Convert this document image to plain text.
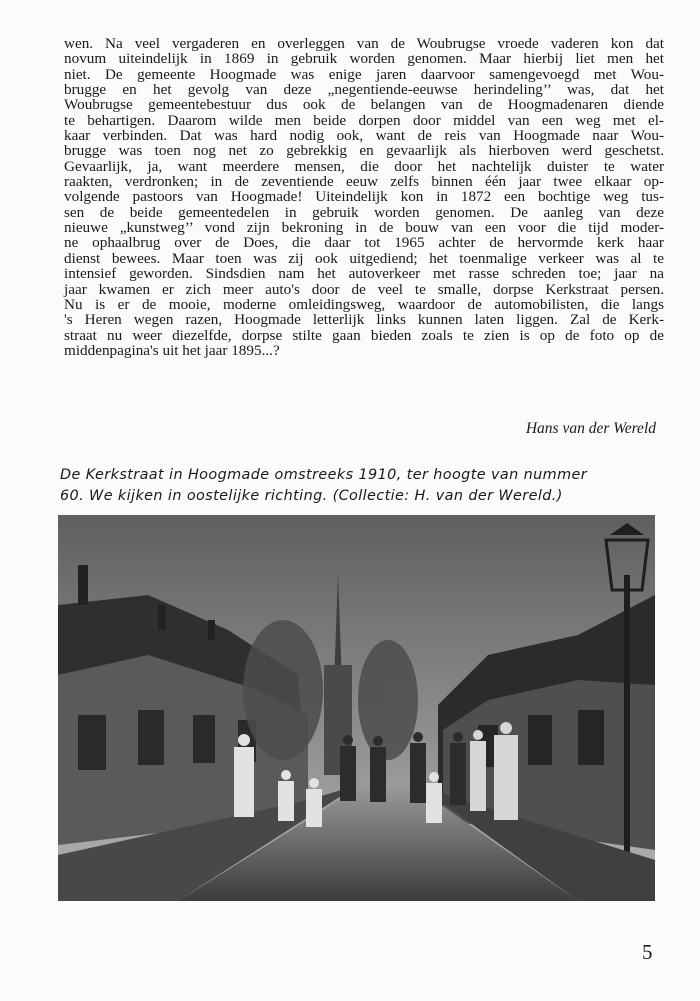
wen. Na veel vergaderen en overleggen van de Woubrugse vroede vaderen kon dat
novum uiteindelijk in 1869 in gebruik worden genomen. Maar hierbij liet men het
niet. De gemeente Hoogmade was enige jaren daarvoor samengevoegd met Wou-
brugge en het gevolg van deze „negentiende-eeuwse herindeling’’ was, dat het
Woubrugse gemeentebestuur dus ook de belangen van de Hoogmadenaren diende
te behartigen. Daarom wilde men beide dorpen door middel van een weg met el-
kaar verbinden. Dat was hard nodig ook, want de reis van Hoogmade naar Wou-
brugge was toen nog net zo gebrekkig en gevaarlijk als hierboven werd geschetst.
Gevaarlijk, ja, want meerdere mensen, die door het nachtelijk duister te water
raakten, verdronken; in de zeventiende eeuw zelfs binnen één jaar twee elkaar op-
volgende pastoors van Hoogmade! Uiteindelijk kon in 1872 een bochtige weg tus-
sen de beide gemeentedelen in gebruik worden genomen. De aanleg van deze
nieuwe „kunstweg’’ vond zijn bekroning in de bouw van een voor die tijd moder-
ne ophaalbrug over de Does, die daar tot 1965 achter de hervormde kerk haar
dienst bewees. Maar toen was zij ook uitgediend; het toenmalige verkeer was al te
intensief geworden. Sindsdien nam het autoverkeer met rasse schreden toe; jaar na
jaar kwamen er zich meer auto's door de veel te smalle, dorpse Kerkstraat persen.
Nu is er de mooie, moderne omleidingsweg, waardoor de automobilisten, die langs
's Heren wegen razen, Hoogmade letterlijk links kunnen laten liggen. Zal de Kerk-
straat nu weer diezelfde, dorpse stilte gaan bieden zoals te zien is op de foto op de
middenpagina's uit het jaar 1895...?
Hans van der Wereld
De Kerkstraat in Hoogmade omstreeks 1910, ter hoogte van nummer
60. We kijken in oostelijke richting. (Collectie: H. van der Wereld.)
5
